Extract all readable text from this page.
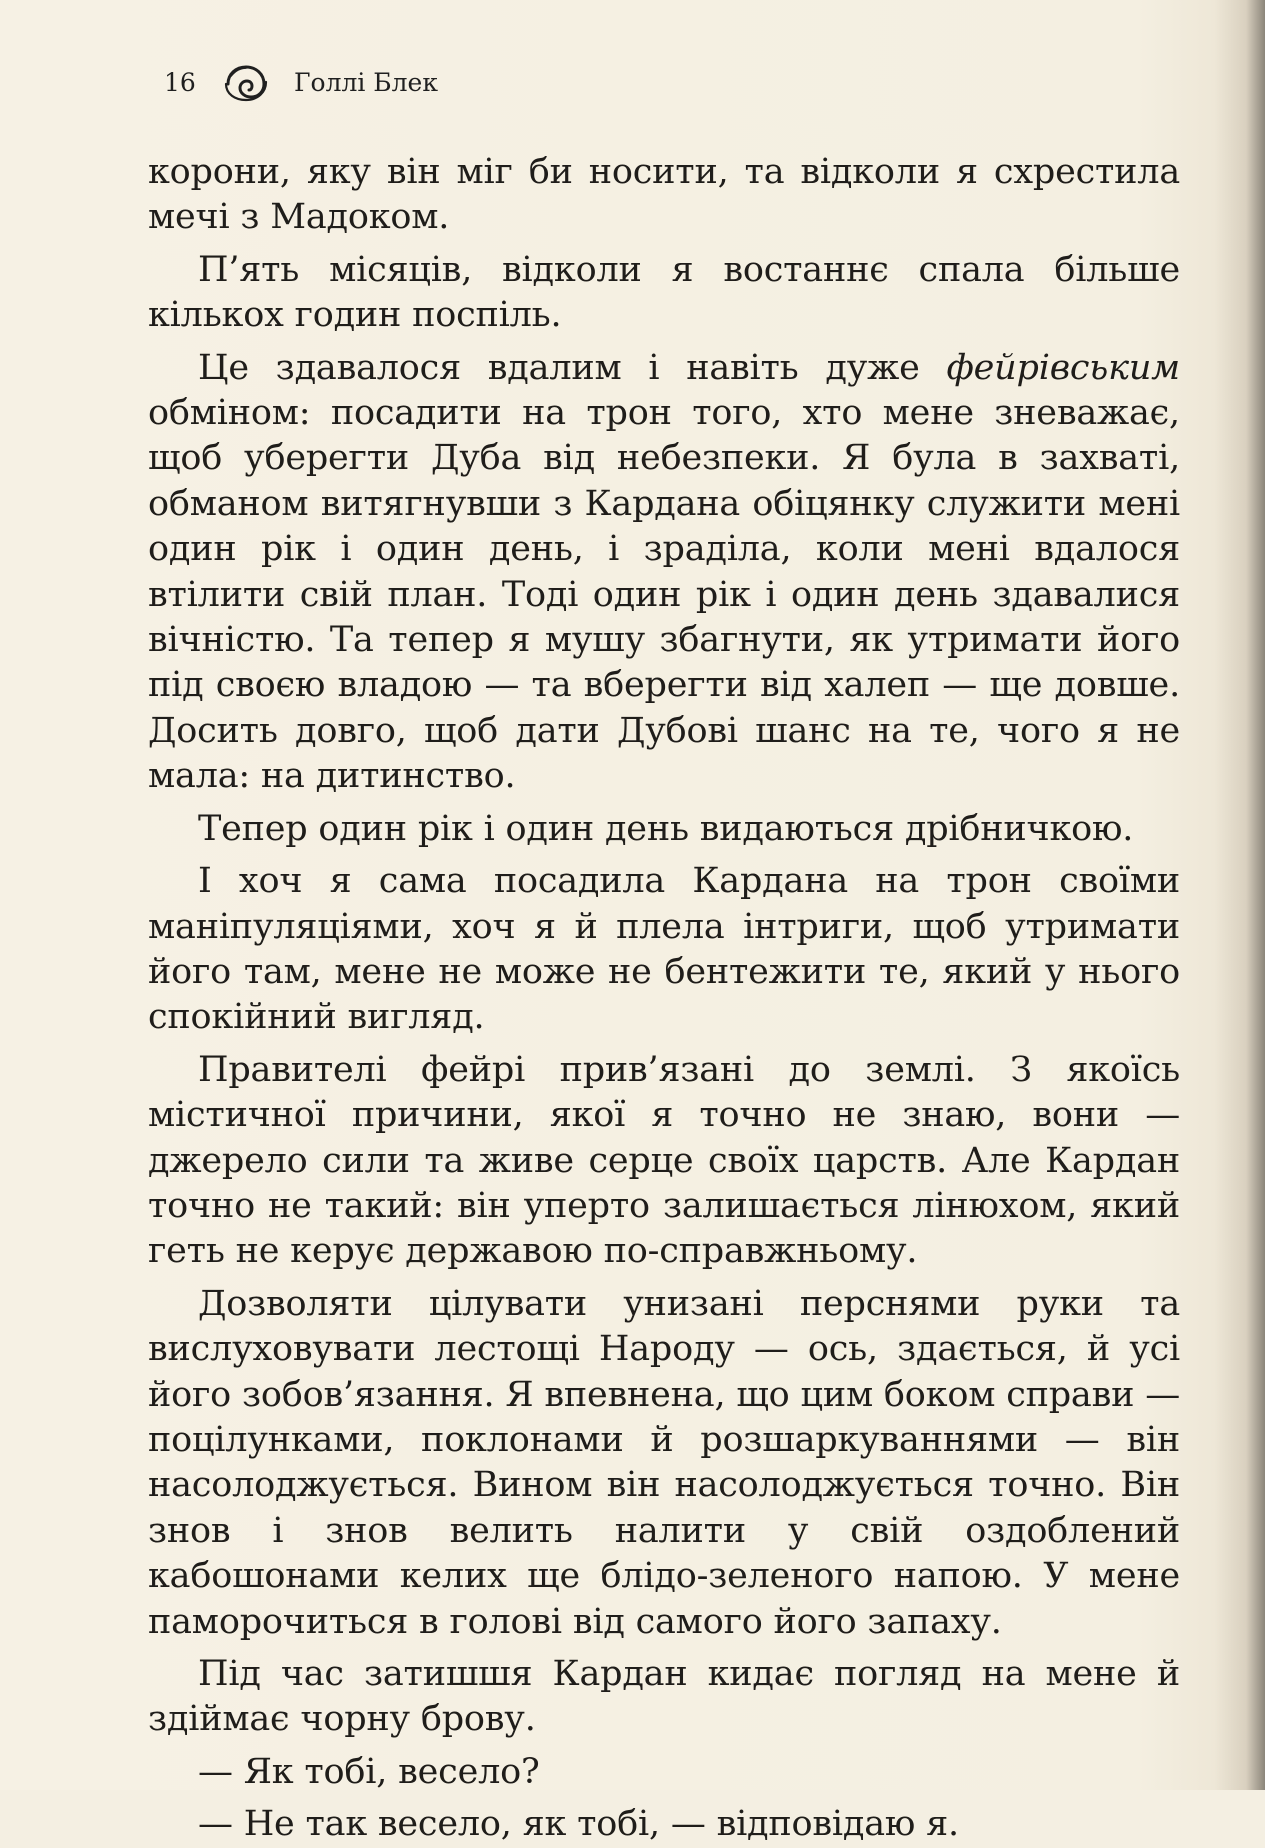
16	Голлі Блек

корони, яку він міг би носити, та відколи я схрестила мечі з Мадоком.

П’ять місяців, відколи я востаннє спала більше кількох годин поспіль.

Це здавалося вдалим і навіть дуже фейрівським обміном: посадити на трон того, хто мене зневажає, щоб уберегти Дуба від небезпеки. Я була в захваті, обманом витягнувши з Кардана обіцянку служити мені один рік і один день, і зраділа, коли мені вдалося втілити свій план. Тоді один рік і один день здавалися вічністю. Та тепер я мушу збагнути, як утримати його під своєю владою — та вберегти від халеп — ще довше. Досить довго, щоб дати Дубові шанс на те, чого я не мала: на дитинство.

Тепер один рік і один день видаються дрібничкою.

І хоч я сама посадила Кардана на трон своїми маніпуляціями, хоч я й плела інтриги, щоб утримати його там, мене не може не бентежити те, який у нього спокійний вигляд.

Правителі фейрі прив’язані до землі. З якоїсь містичної причини, якої я точно не знаю, вони — джерело сили та живе серце своїх царств. Але Кардан точно не такий: він уперто залишається лінюхом, який геть не керує державою по-справжньому.

Дозволяти цілувати унизані перснями руки та вислуховувати лестощі Народу — ось, здається, й усі його зобов’язання. Я впевнена, що цим боком справи — поцілунками, поклонами й розшаркуваннями — він насолоджується. Вином він насолоджується точно. Він знов і знов велить налити у свій оздоблений кабошонами келих ще блідо-зеленого напою. У мене паморочиться в голові від самого його запаху.

Під час затишшя Кардан кидає погляд на мене й здіймає чорну брову.

— Як тобі, весело?

— Не так весело, як тобі, — відповідаю я.
